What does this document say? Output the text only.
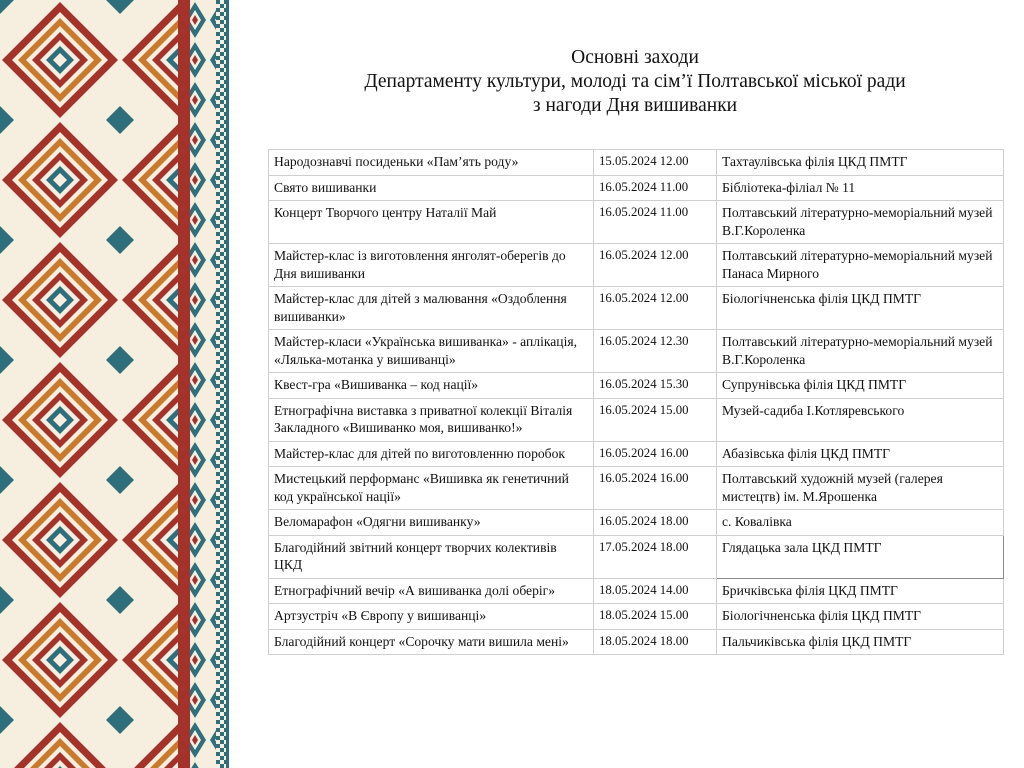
Основні заходи
Департаменту культури, молоді та сім’ї Полтавської міської ради
з нагоди Дня вишиванки
Народознавчі посиденьки «Пам’ять роду»	15.05.2024 12.00	Тахтаулівська філія ЦКД ПМТГ
Свято вишиванки	16.05.2024 11.00	Бібліотека-філіал № 11
Концерт Творчого центру Наталії Май	16.05.2024 11.00	Полтавський літературно-меморіальний музей В.Г.Короленка
Майстер-клас із виготовлення янголят-оберегів до Дня вишиванки	16.05.2024 12.00	Полтавський літературно-меморіальний музей Панаса Мирного
Майстер-клас для дітей з малювання «Оздоблення вишиванки»	16.05.2024 12.00	Біологічненська філія ЦКД ПМТГ
Майстер-класи «Українська вишиванка» - аплікація, «Лялька-мотанка у вишиванці»	16.05.2024 12.30	Полтавський літературно-меморіальний музей В.Г.Короленка
Квест-гра «Вишиванка – код нації»	16.05.2024 15.30	Супрунівська філія ЦКД ПМТГ
Етнографічна виставка з приватної колекції Віталія Закладного «Вишиванко моя, вишиванко!»	16.05.2024 15.00	Музей-садиба І.Котляревського
Майстер-клас для дітей по виготовленню поробок	16.05.2024 16.00	Абазівська філія ЦКД ПМТГ
Мистецький перформанс «Вишивка як генетичний код української нації»	16.05.2024 16.00	Полтавський художній музей (галерея мистецтв) ім. М.Ярошенка
Веломарафон «Одягни вишиванку»	16.05.2024 18.00	с. Ковалівка
Благодійний звітний концерт творчих колективів ЦКД	17.05.2024 18.00	Глядацька зала ЦКД ПМТГ
Етнографічний вечір «А вишиванка долі оберіг»	18.05.2024 14.00	Бричківська філія ЦКД ПМТГ
Артзустріч «В Європу у вишиванці»	18.05.2024 15.00	Біологічненська філія ЦКД ПМТГ
Благодійний концерт «Сорочку мати вишила мені»	18.05.2024 18.00	Пальчиківська філія ЦКД ПМТГ
